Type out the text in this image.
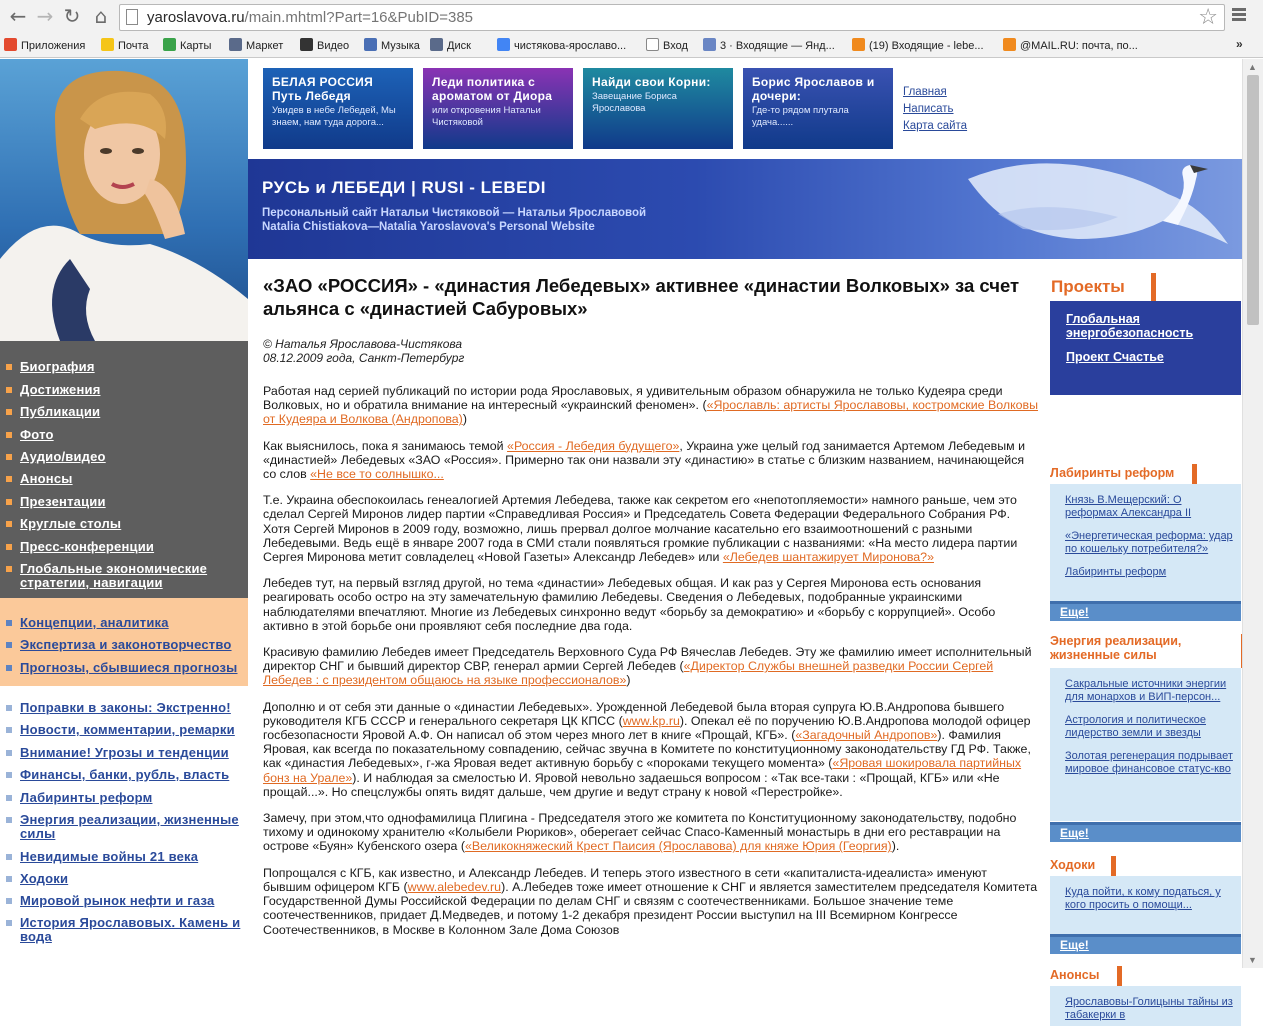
← → ↻ ⌂	yaroslavova.ru/main.mhtml?Part=16&PubID=385	☆
Приложения	Почта	Карты	Маркет	Видео	Музыка	Диск	чистякова-ярославо...	Вход	3 · Входящие — Янд...	(19) Входящие - lebe...	@MAIL.RU: почта, по...	»
Биография
Достижения
Публикации
Фото
Аудио/видео
Анонсы
Презентации
Круглые столы
Пресс-конференции
Глобальные экономические стратегии, навигации
Концепции, аналитика
Экспертиза и законотворчество
Прогнозы, сбывшиеся прогнозы
Поправки в законы: Экстренно!
Новости, комментарии, ремарки
Внимание! Угрозы и тенденции
Финансы, банки, рубль, власть
Лабиринты реформ
Энергия реализации, жизненные силы
Невидимые войны 21 века
Ходоки
Мировой рынок нефти и газа
История Ярославовых. Камень и вода
БЕЛАЯ РОССИЯ
Путь Лебедя
Увидев в небе Лебедей, Мы знаем, нам туда дорога...
Леди политика с ароматом от Диора
или откровения Натальи Чистяковой
Найди свои Корни:
Завещание Бориса Ярославова
Борис Ярославов и дочери:
Где-то рядом плутала удача......
Главная
Написать
Карта сайта
РУСЬ и ЛЕБЕДИ | RUSI - LEBEDI
Персональный сайт Натальи Чистяковой — Натальи Ярославовой
Natalia Chistiakova—Natalia Yaroslavova's Personal Website
«ЗАО «РОССИЯ» - «династия Лебедевых» активнее «династии Волковых» за счет альянса с «династией Сабуровых»
© Наталья Ярославова-Чистякова
08.12.2009 года, Санкт-Петербург

Работая над серией публикаций по истории рода Ярославовых, я удивительным образом обнаружила не только Кудеяра среди Волковых, но и обратила внимание на интересный «украинский феномен». («Ярославль: артисты Ярославовы, костромские Волковы от Кудеяра и Волкова (Андропова))

Как выяснилось, пока я занимаюсь темой «Россия - Лебедия будущего», Украина уже целый год занимается Артемом Лебедевым и «династией» Лебедевых «ЗАО «Россия». Примерно так они назвали эту «династию» в статье с близким названием, начинающейся со слов «Не все то солнышко...

Т.е. Украина обеспокоилась генеалогией Артемия Лебедева, также как секретом его «непотопляемости» намного раньше, чем это сделал Сергей Миронов лидер партии «Справедливая Россия» и Председатель Совета Федерации Федерального Собрания РФ. Хотя Сергей Миронов в 2009 году, возможно, лишь прервал долгое молчание касательно его взаимоотношений с разными Лебедевыми. Ведь ещё в январе 2007 года в СМИ стали появляться громкие публикации с названиями: «На место лидера партии Сергея Миронова метит совладелец «Новой Газеты» Александр Лебедев» или «Лебедев шантажирует Миронова?»

Лебедев тут, на первый взгляд другой, но тема «династии» Лебедевых общая. И как раз у Сергея Миронова есть основания реагировать особо остро на эту замечательную фамилию Лебедевы. Сведения о Лебедевых, подобранные украинскими наблюдателями впечатляют. Многие из Лебедевых синхронно ведут «борьбу за демократию» и «борьбу с коррупцией». Особо активно в этой борьбе они проявляют себя последние два года.

Красивую фамилию Лебедев имеет Председатель Верховного Суда РФ Вячеслав Лебедев. Эту же фамилию имеет исполнительный директор СНГ и бывший директор СВР, генерал армии Сергей Лебедев («Директор Службы внешней разведки России Сергей Лебедев : с президентом общаюсь на языке профессионалов»)

Дополню и от себя эти данные о «династии Лебедевых». Урожденной Лебедевой была вторая супруга Ю.В.Андропова бывшего руководителя КГБ СССР и генерального секретаря ЦК КПСС (www.kp.ru). Опекал её по поручению Ю.В.Андропова молодой офицер госбезопасности Яровой А.Ф. Он написал об этом через много лет в книге «Прощай, КГБ». («Загадочный Андропов»). Фамилия Яровая, как всегда по показательному совпадению, сейчас звучна в Комитете по конституционному законодательству ГД РФ. Также, как «династия Лебедевых», г-жа Яровая ведет активную борьбу с «пороками текущего момента» («Яровая шокировала партийных бонз на Урале»). И наблюдая за смелостью И. Яровой невольно задаешься вопросом : «Так все-таки : «Прощай, КГБ» или «Не прощай...». Но спецслужбы опять видят дальше, чем другие и ведут страну к новой «Перестройке».

Замечу, при этом,что однофамилица Плигина - Председателя этого же комитета по Конституционному законодательству, подобно тихому и одинокому хранителю «Колыбели Рюриков», оберегает сейчас Спасо-Каменный монастырь в дни его реставрации на острове «Буян» Кубенского озера («Великокняжеский Крест Паисия (Ярославова) для княже Юрия (Георгия)).

Попрощался с КГБ, как известно, и Александр Лебедев. И теперь этого известного в сети «капиталиста-идеалиста» именуют бывшим офицером КГБ (www.alebedev.ru). А.Лебедев тоже имеет отношение к СНГ и является заместителем председателя Комитета Государственной Думы Российской Федерации по делам СНГ и связям с соотечественниками. Большое значение теме соотечественников, придает Д.Медведев, и потому 1-2 декабря президент России выступил на III Всемирном Конгрессе Соотечественников, в Москве в Колонном Зале Дома Союзов

Проекты
Глобальная энергобезопасность
Проект Счастье
Лабиринты реформ
Князь В.Мещерский: О реформах Александра II
«Энергетическая реформа: удар по кошельку потребителя?»
Лабиринты реформ
Еще!
Энергия реализации, жизненные силы
Сакральные источники энергии для монархов и ВИП-персон...
Астрология и политическое лидерство земли и звезды
Золотая регенерация подрывает мировое финансовое статус-кво
Еще!
Ходоки
Куда пойти, к кому податься, у кого просить о помощи...
Еще!
Анонсы
Ярославовы-Голицыны тайны из табакерки в
▲
▼
